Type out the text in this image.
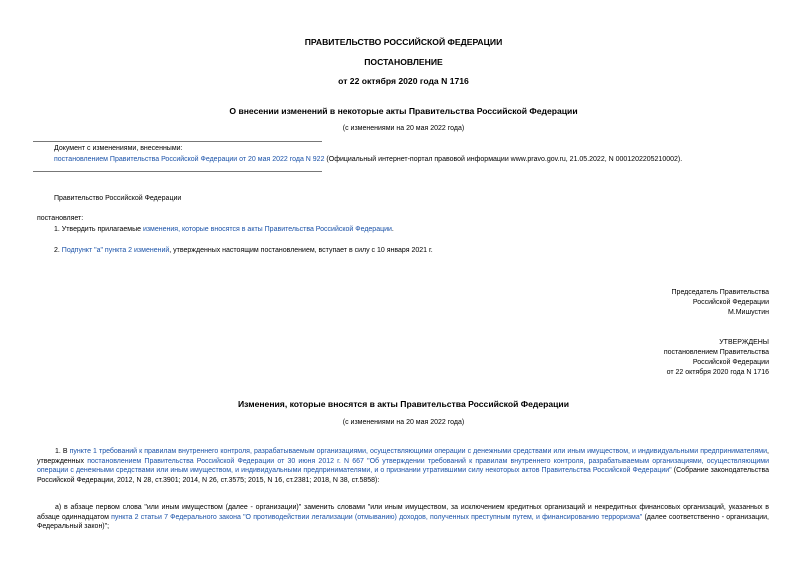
ПРАВИТЕЛЬСТВО РОССИЙСКОЙ ФЕДЕРАЦИИ
ПОСТАНОВЛЕНИЕ
от 22 октября 2020 года N 1716
О внесении изменений в некоторые акты Правительства Российской Федерации
(с изменениями на 20 мая 2022 года)
Документ с изменениями, внесенными:
постановлением Правительства Российской Федерации от 20 мая 2022 года N 922 (Официальный интернет-портал правовой информации www.pravo.gov.ru, 21.05.2022, N 0001202205210002).
Правительство Российской Федерации
постановляет:
1. Утвердить прилагаемые изменения, которые вносятся в акты Правительства Российской Федерации.
2. Подпункт "а" пункта 2 изменений, утвержденных настоящим постановлением, вступает в силу с 10 января 2021 г.
Председатель Правительства
Российской Федерации
М.Мишустин
УТВЕРЖДЕНЫ
постановлением Правительства
Российской Федерации
от 22 октября 2020 года N 1716
Изменения, которые вносятся в акты Правительства Российской Федерации
(с изменениями на 20 мая 2022 года)
1. В пункте 1 требований к правилам внутреннего контроля, разрабатываемым организациями, осуществляющими операции с денежными средствами или иным имуществом, и индивидуальными предпринимателями, утвержденных постановлением Правительства Российской Федерации от 30 июня 2012 г. N 667 "Об утверждении требований к правилам внутреннего контроля, разрабатываемым организациями, осуществляющими операции с денежными средствами или иным имуществом, и индивидуальными предпринимателями, и о признании утратившими силу некоторых актов Правительства Российской Федерации" (Собрание законодательства Российской Федерации, 2012, N 28, ст.3901; 2014, N 26, ст.3575; 2015, N 16, ст.2381; 2018, N 38, ст.5858):
а) в абзаце первом слова "или иным имуществом (далее - организации)" заменить словами "или иным имуществом, за исключением кредитных организаций и некредитных финансовых организаций, указанных в абзаце одиннадцатом пункта 2 статьи 7 Федерального закона "О противодействии легализации (отмыванию) доходов, полученных преступным путем, и финансированию терроризма" (далее соответственно - организации, Федеральный закон)";
